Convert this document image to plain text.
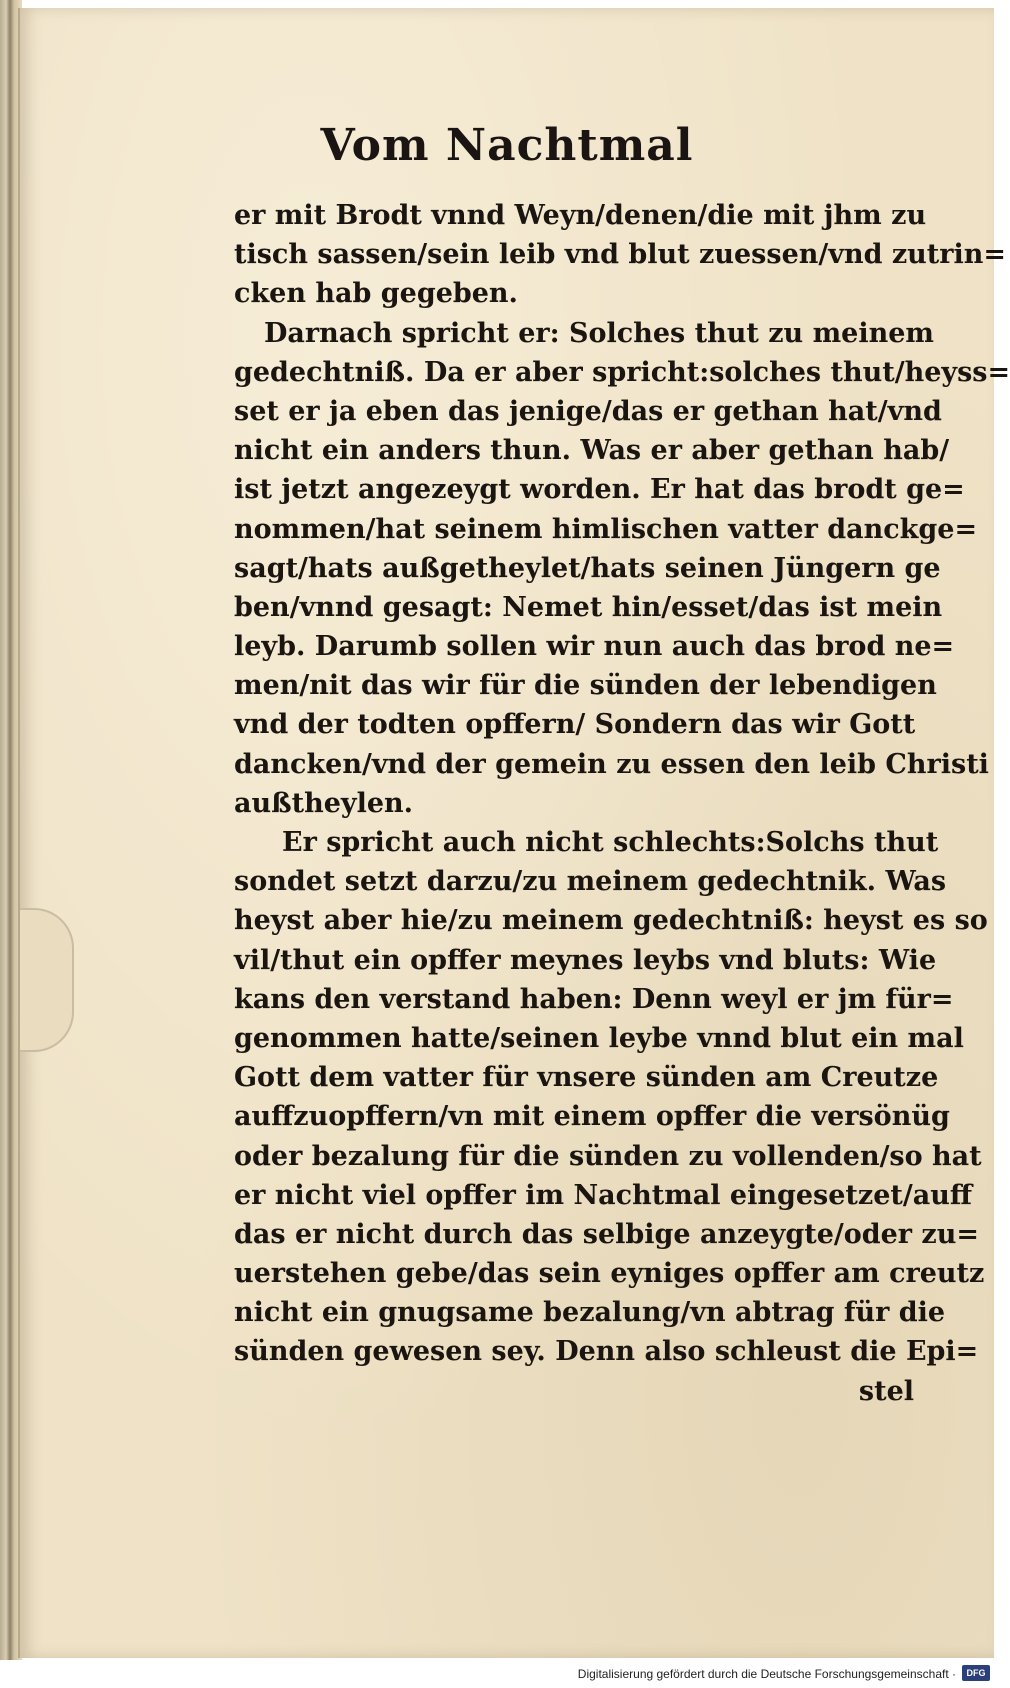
Vom Nachtmal
er mit Brodt vnnd Weyn/denen/die mit jhm zu
tisch sassen/sein leib vnd blut zuessen/vnd zutrin=
cken hab gegeben.
Darnach spricht er: Solches thut zu meinem
gedechtniß. Da er aber spricht:solches thut/heyss=
set er ja eben das jenige/das er gethan hat/vnd
nicht ein anders thun. Was er aber gethan hab/
ist jetzt angezeygt worden. Er hat das brodt ge=
nommen/hat seinem himlischen vatter danckge=
sagt/hats außgetheylet/hats seinen Jüngern ge
ben/vnnd gesagt: Nemet hin/esset/das ist mein
leyb. Darumb sollen wir nun auch das brod ne=
men/nit das wir für die sünden der lebendigen
vnd der todten opffern/ Sondern das wir Gott
dancken/vnd der gemein zu essen den leib Christi
außtheylen.
Er spricht auch nicht schlechts:Solchs thut
sondet setzt darzu/zu meinem gedechtnik. Was
heyst aber hie/zu meinem gedechtniß: heyst es so
vil/thut ein opffer meynes leybs vnd bluts: Wie
kans den verstand haben: Denn weyl er jm für=
genommen hatte/seinen leybe vnnd blut ein mal
Gott dem vatter für vnsere sünden am Creutze
auffzuopffern/vn mit einem opffer die versönüg
oder bezalung für die sünden zu vollenden/so hat
er nicht viel opffer im Nachtmal eingesetzet/auff
das er nicht durch das selbige anzeygte/oder zu=
uerstehen gebe/das sein eyniges opffer am creutz
nicht ein gnugsame bezalung/vn abtrag für die
sünden gewesen sey. Denn also schleust die Epi=
stel
Digitalisierung gefördert durch die Deutsche Forschungsgemeinschaft ·	DFG
